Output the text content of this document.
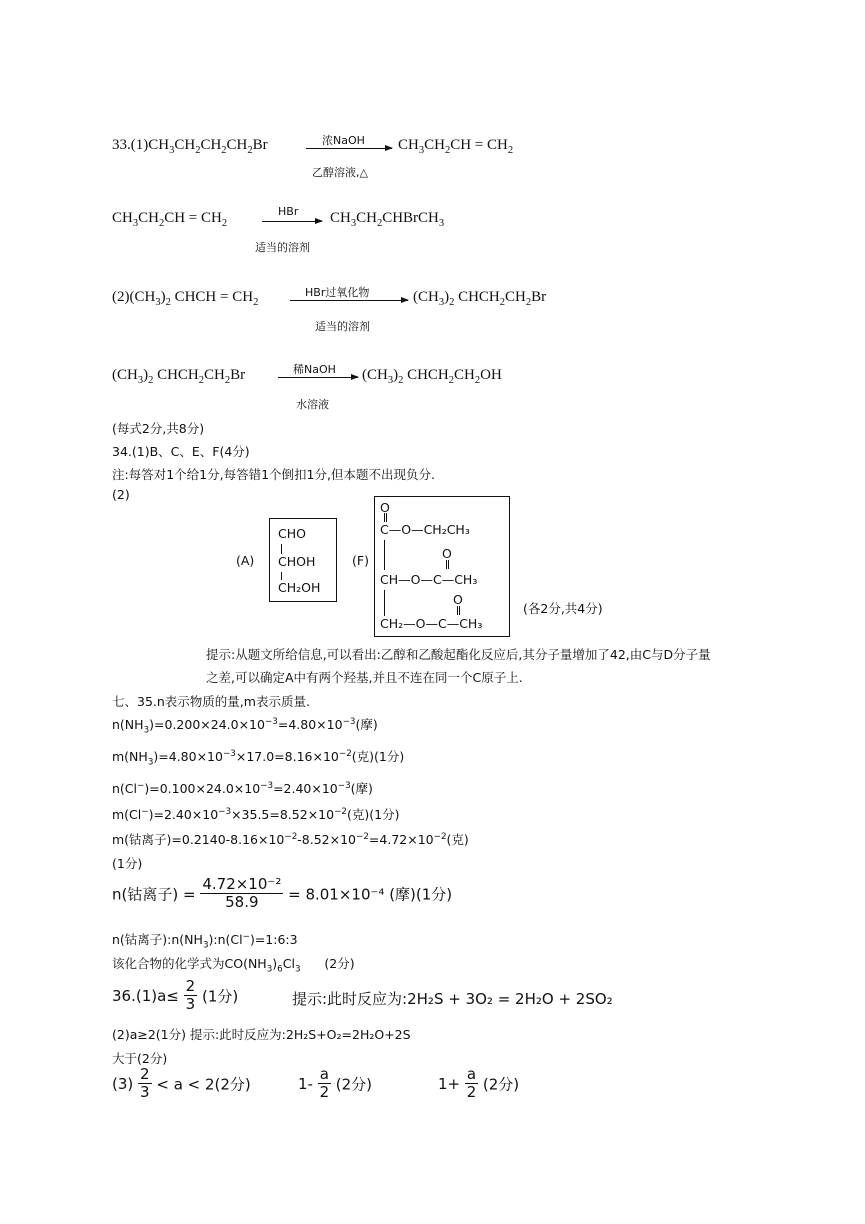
$33.(1)CH_3CH_2CH_2CH_2Br$	浓NaOH
乙醇溶液,△
$CH_3CH_2CH = CH_2$
$CH_3CH_2CH = CH_2$
HBr
适当的溶剂
$CH_3CH_2CHBrCH_3$
$(2)(CH_3)_2$ CHCH = $CH_2$
HBr过氧化物
适当的溶剂
$(CH_3)_2$ $CHCH_2CH_2Br$
$(CH_3)_2$ $CHCH_2CH_2Br$	稀NaOH
水溶液
$(CH_3)_2$ $CHCH_2CH_2OH$
(每式2分,共8分)
34.(1)B、C、E、F(4分)
注:每答对1个给1分,每答错1个倒扣1分,但本题不出现负分.
(2)
(A)
CHO
CHOH
CH₂OH
(F)
O
C—O—CH₂CH₃
O
CH—O—C—CH₃
O
CH₂—O—C—CH₃
(各2分,共4分)
提示:从题文所给信息,可以看出:乙醇和乙酸起酯化反应后,其分子量增加了42,由C与D分子量
之差,可以确定A中有两个羟基,并且不连在同一个C原子上.
七、35.n表示物质的量,m表示质量.
$n(NH_3)=0.200\times 24.0\times 10^{-3}=4.80\times 10^{-3}$(摩)
$m(NH_3)=4.80\times 10^{-3}\times 17.0=8.16\times 10^{-2}$(克)(1分)
$n(Cl^-)=0.100\times 24.0\times 10^{-3}=2.40\times 10^{-3}$(摩)
$m(Cl^-)=2.40\times 10^{-3}\times 35.5=8.52\times 10^{-2}$(克)(1分)
m(钴离子)$=0.2140-8.16\times 10^{-2}-8.52\times 10^{-2}=4.72\times 10^{-2}$(克)
(1分)
n(钴离子) = $\frac{\text{4.72×10⁻²}}{58.9} = 8.01\times 10^{-4}$ (摩)(1分)
n(钴离子)$:n(NH_3):n(Cl^-)=1:6:3$
该化合物的化学式为$CO(NH_3)_6Cl_3$      (2分)
$36.(1)a\le \frac{2}{3} (1$分)	提示:此时反应为:2H₂S + 3O₂ = 2H₂O + 2SO₂
(2)a≥2(1分) 提示:此时反应为:2H₂S+O₂=2H₂O+2S
大于(2分)
$(3) \frac{2}{3} < a < 2(2$分)	$1- \frac{a}{2} (2$分)	$1+ \frac{a}{2} (2$分)
